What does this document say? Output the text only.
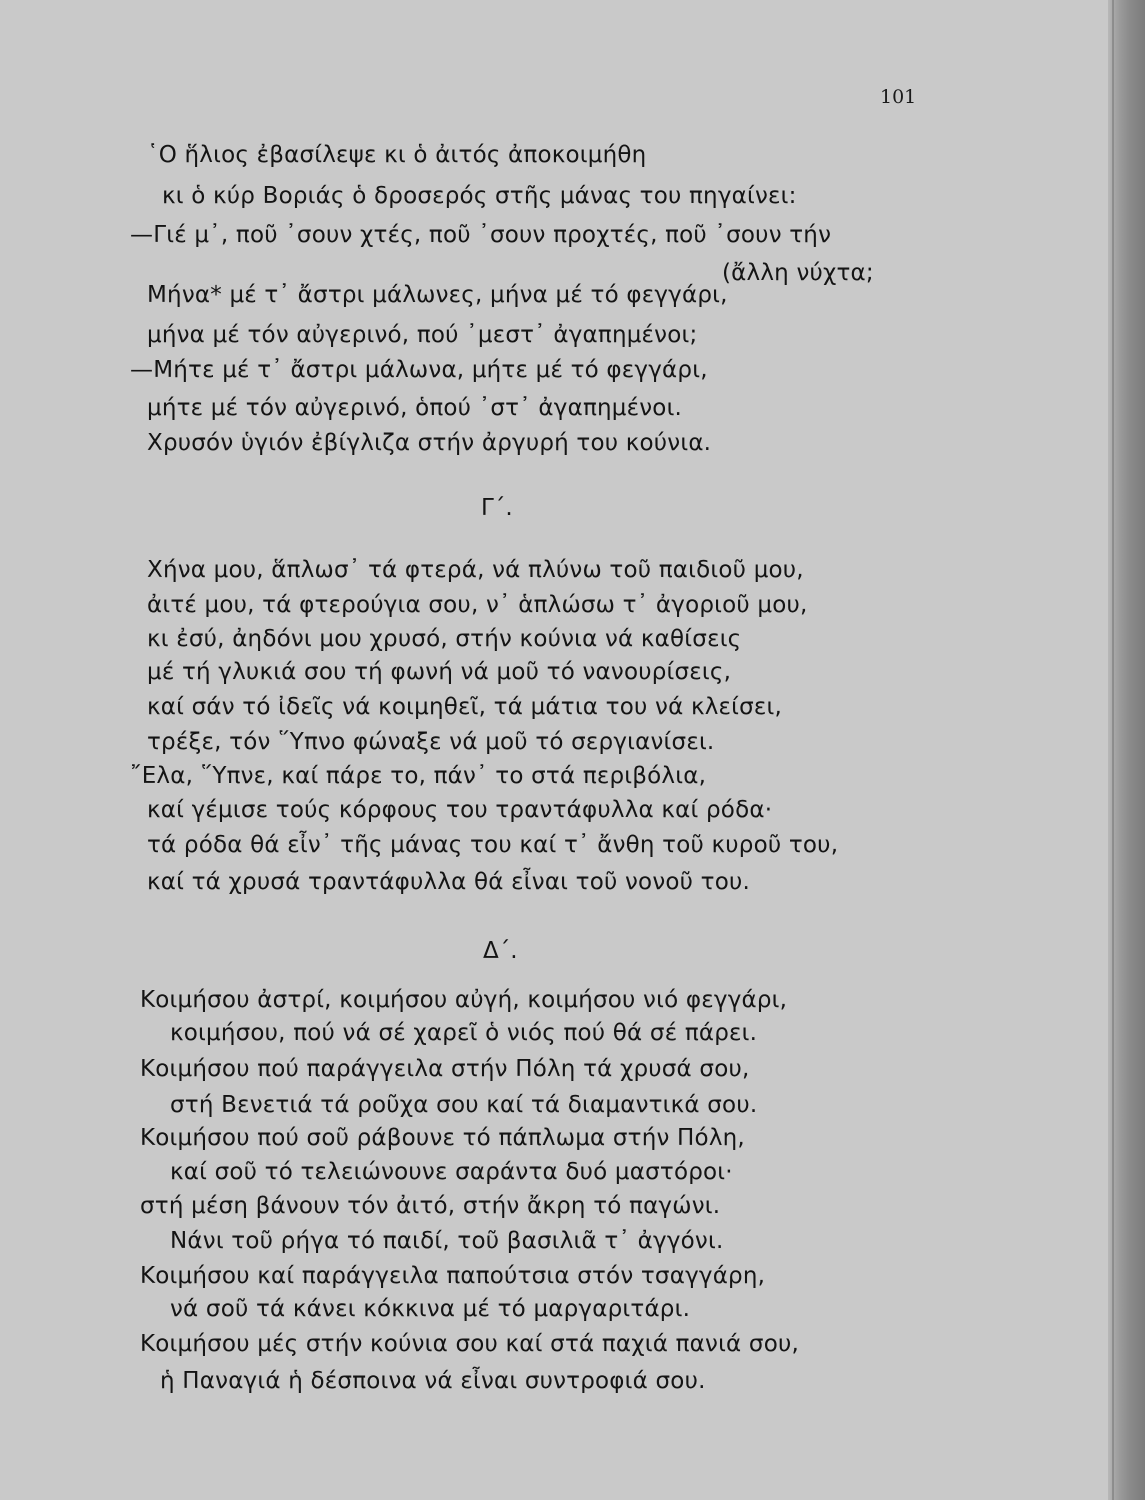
101
῾Ο ἥλιος ἐβασίλεψε κι ὁ ἀιτός ἀποκοιμήθη
κι ὁ κύρ Βοριάς ὁ δροσερός στῆς μάνας του πηγαίνει:
—Γιέ μ᾽, ποῦ ᾽σουν χτές, ποῦ ᾽σουν προχτές, ποῦ ᾽σουν τήν
(ἄλλη νύχτα;
Μήνα* μέ τ᾽ ἄστρι μάλωνες, μήνα μέ τό φεγγάρι,
μήνα μέ τόν αὐγερινό, πού ᾽μεστ᾽ ἀγαπημένοι;
—Μήτε μέ τ᾽ ἄστρι μάλωνα, μήτε μέ τό φεγγάρι,
μήτε μέ τόν αὐγερινό, ὁπού ᾽στ᾽ ἀγαπημένοι.
Χρυσόν ὑγιόν ἐβίγλιζα στήν ἀργυρή του κούνια.
Γ΄.
Χήνα μου, ἅπλωσ᾽ τά φτερά, νά πλύνω τοῦ παιδιοῦ μου,
ἀιτέ μου, τά φτερούγια σου, ν᾽ ἁπλώσω τ᾽ ἀγοριοῦ μου,
κι ἐσύ, ἀηδόνι μου χρυσό, στήν κούνια νά καθίσεις
μέ τή γλυκιά σου τή φωνή νά μοῦ τό νανουρίσεις,
καί σάν τό ἰδεῖς νά κοιμηθεῖ, τά μάτια του νά κλείσει,
τρέξε, τόν ῞Υπνο φώναξε νά μοῦ τό σεργιανίσει.
῎Ελα, ῞Υπνε, καί πάρε το, πάν᾽ το στά περιβόλια,
καί γέμισε τούς κόρφους του τραντάφυλλα καί ρόδα·
τά ρόδα θά εἶν᾽ τῆς μάνας του καί τ᾽ ἄνθη τοῦ κυροῦ του,
καί τά χρυσά τραντάφυλλα θά εἶναι τοῦ νονοῦ του.
Δ΄.
Κοιμήσου ἀστρί, κοιμήσου αὐγή, κοιμήσου νιό φεγγάρι,
κοιμήσου, πού νά σέ χαρεῖ ὁ νιός πού θά σέ πάρει.
Κοιμήσου πού παράγγειλα στήν Πόλη τά χρυσά σου,
στή Βενετιά τά ροῦχα σου καί τά διαμαντικά σου.
Κοιμήσου πού σοῦ ράβουνε τό πάπλωμα στήν Πόλη,
καί σοῦ τό τελειώνουνε σαράντα δυό μαστόροι·
στή μέση βάνουν τόν ἀιτό, στήν ἄκρη τό παγώνι.
Νάνι τοῦ ρήγα τό παιδί, τοῦ βασιλιᾶ τ᾽ ἀγγόνι.
Κοιμήσου καί παράγγειλα παπούτσια στόν τσαγγάρη,
νά σοῦ τά κάνει κόκκινα μέ τό μαργαριτάρι.
Κοιμήσου μές στήν κούνια σου καί στά παχιά πανιά σου,
ἡ Παναγιά ἡ δέσποινα νά εἶναι συντροφιά σου.
